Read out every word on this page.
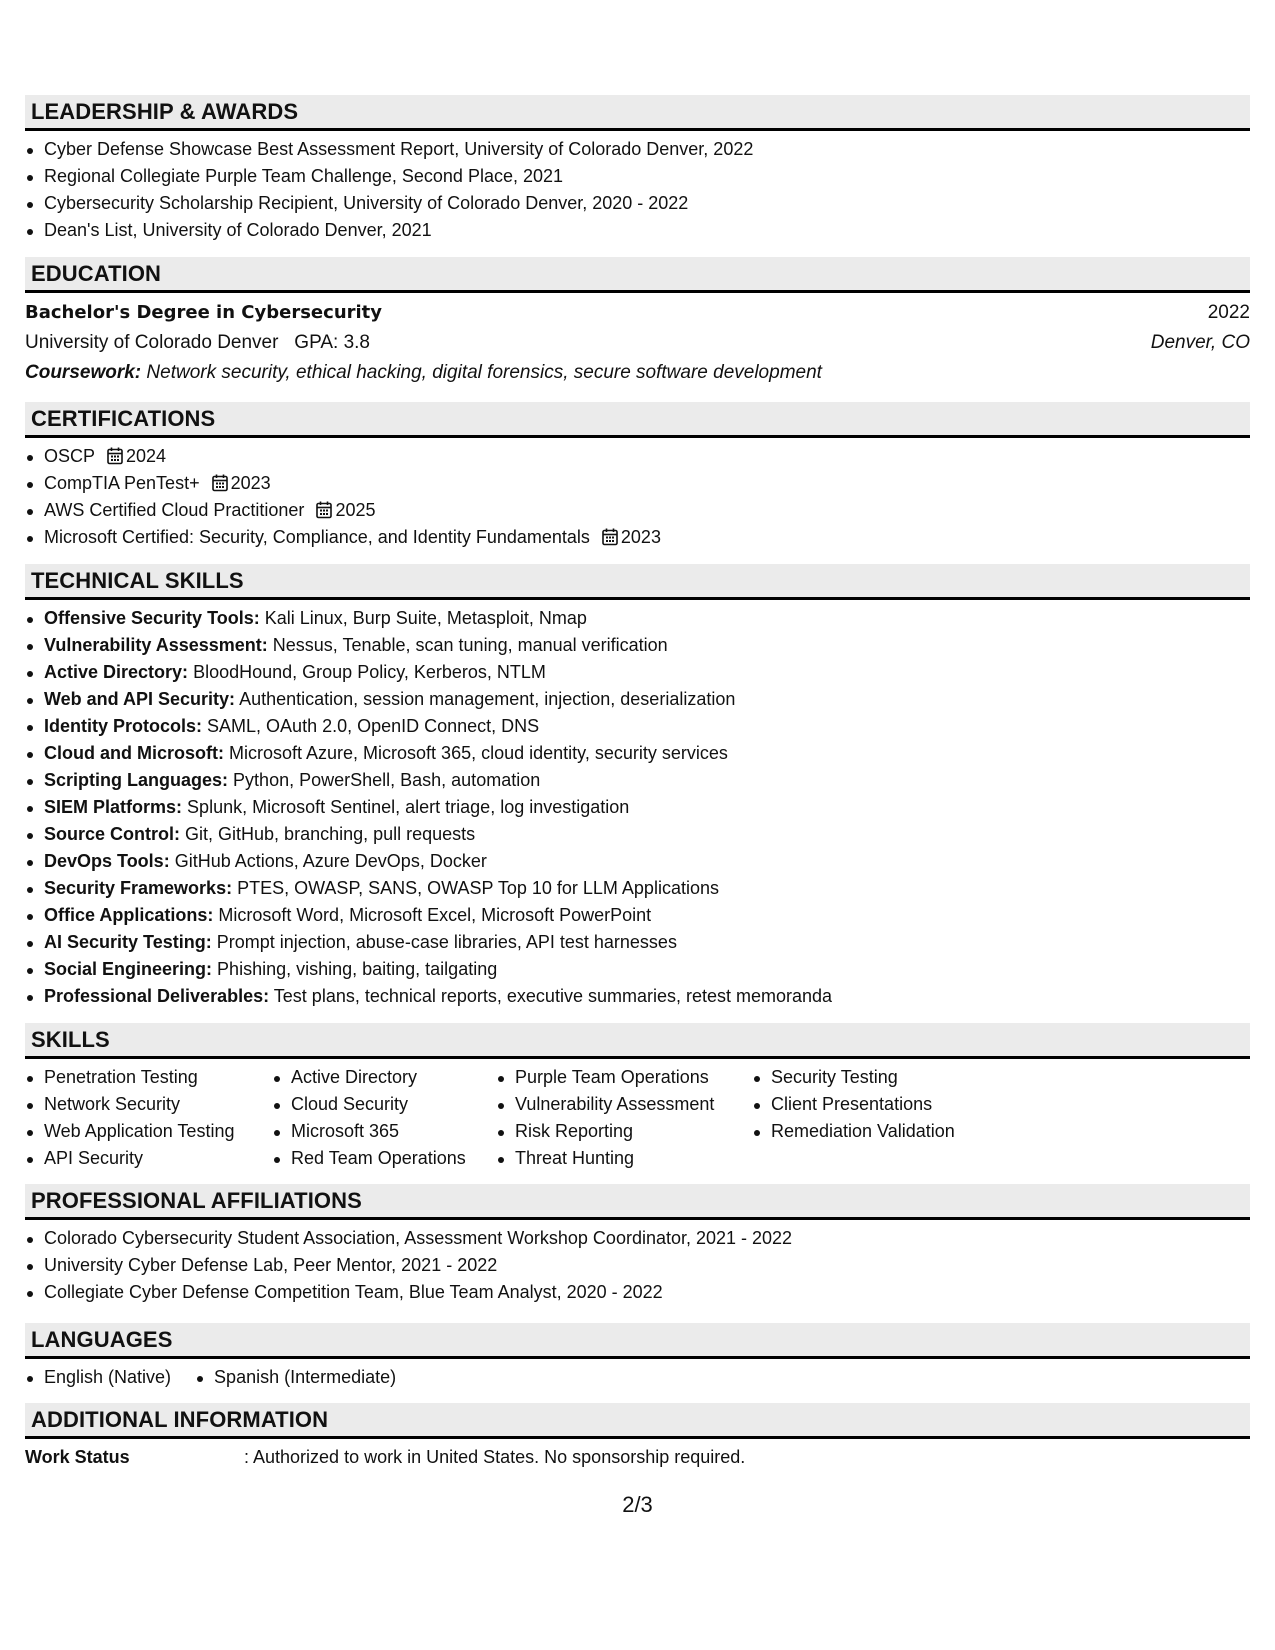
LEADERSHIP & AWARDS
Cyber Defense Showcase Best Assessment Report, University of Colorado Denver, 2022
Regional Collegiate Purple Team Challenge, Second Place, 2021
Cybersecurity Scholarship Recipient, University of Colorado Denver, 2020 - 2022
Dean's List, University of Colorado Denver, 2021
EDUCATION
Bachelor's Degree in Cybersecurity	2022
University of Colorado Denver GPA: 3.8	Denver, CO
Coursework:
Network security, ethical hacking, digital forensics, secure software development
CERTIFICATIONS
OSCP 2024
CompTIA PenTest+ 2023
AWS Certified Cloud Practitioner 2025
Microsoft Certified: Security, Compliance, and Identity Fundamentals 2023
TECHNICAL SKILLS
Offensive Security Tools: Kali Linux, Burp Suite, Metasploit, Nmap
Vulnerability Assessment: Nessus, Tenable, scan tuning, manual verification
Active Directory: BloodHound, Group Policy, Kerberos, NTLM
Web and API Security: Authentication, session management, injection, deserialization
Identity Protocols: SAML, OAuth 2.0, OpenID Connect, DNS
Cloud and Microsoft: Microsoft Azure, Microsoft 365, cloud identity, security services
Scripting Languages: Python, PowerShell, Bash, automation
SIEM Platforms: Splunk, Microsoft Sentinel, alert triage, log investigation
Source Control: Git, GitHub, branching, pull requests
DevOps Tools: GitHub Actions, Azure DevOps, Docker
Security Frameworks: PTES, OWASP, SANS, OWASP Top 10 for LLM Applications
Office Applications: Microsoft Word, Microsoft Excel, Microsoft PowerPoint
AI Security Testing: Prompt injection, abuse-case libraries, API test harnesses
Social Engineering: Phishing, vishing, baiting, tailgating
Professional Deliverables: Test plans, technical reports, executive summaries, retest memoranda
SKILLS
Penetration Testing
Network Security
Web Application Testing
API Security
Active Directory
Cloud Security
Microsoft 365
Red Team Operations
Purple Team Operations
Vulnerability Assessment
Risk Reporting
Threat Hunting
Security Testing
Client Presentations
Remediation Validation
PROFESSIONAL AFFILIATIONS
Colorado Cybersecurity Student Association, Assessment Workshop Coordinator, 2021 - 2022
University Cyber Defense Lab, Peer Mentor, 2021 - 2022
Collegiate Cyber Defense Competition Team, Blue Team Analyst, 2020 - 2022
LANGUAGES
English (Native)	Spanish (Intermediate)
ADDITIONAL INFORMATION
Work Status	: Authorized to work in United States. No sponsorship required.
2/3
